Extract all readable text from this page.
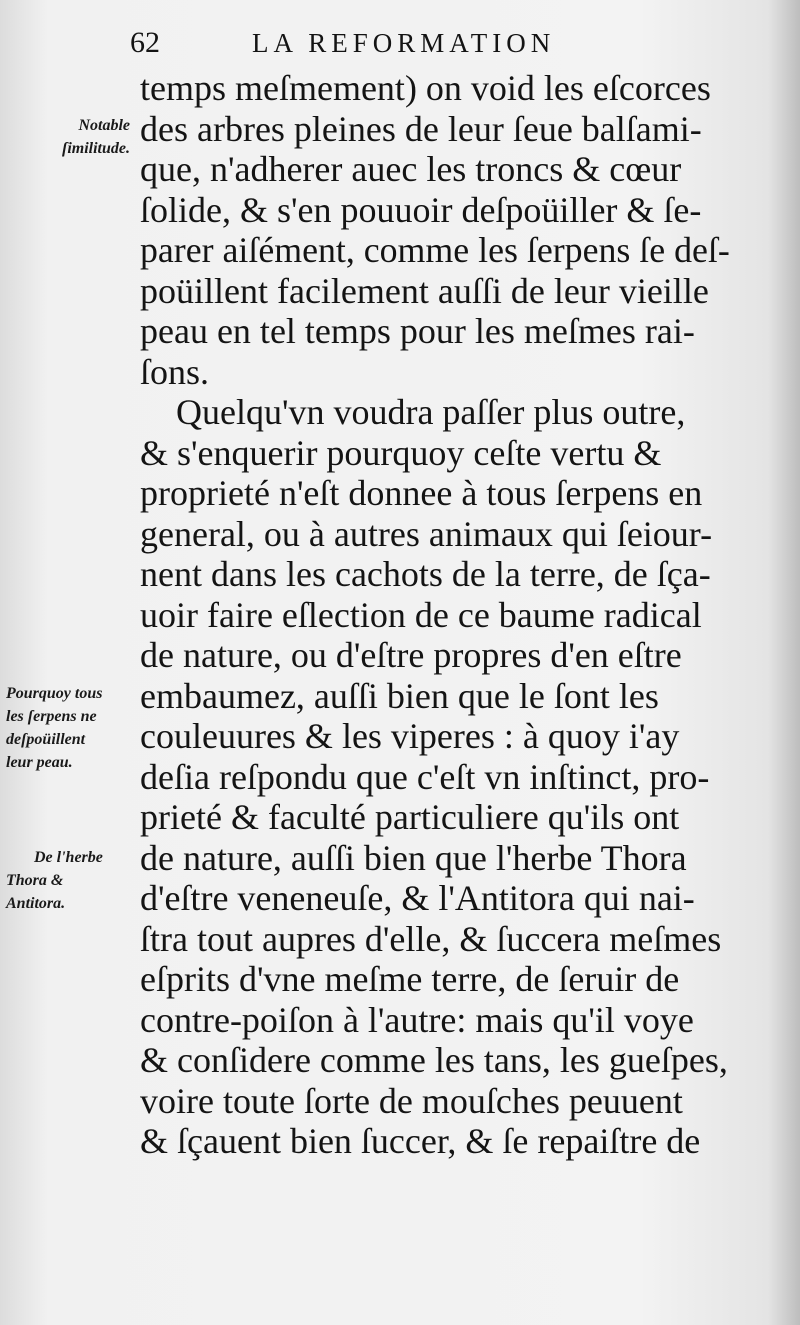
62	LA REFORMATION
Notable
ſimilitude.
Pourquoy tous
les ſerpens ne
deſpoüillent
leur peau.
De l'herbe
Thora &
Antitora.
temps meſmement) on void les eſcorces
des arbres pleines de leur ſeue balſami-
que, n'adherer auec les troncs & cœur
ſolide, & s'en pouuoir deſpoüiller & ſe-
parer aiſément, comme les ſerpens ſe deſ-
poüillent facilement auſſi de leur vieille
peau en tel temps pour les meſmes rai-
ſons.
Quelqu'vn voudra paſſer plus outre,
& s'enquerir pourquoy ceſte vertu &
proprieté n'eſt donnee à tous ſerpens en
general, ou à autres animaux qui ſeiour-
nent dans les cachots de la terre, de ſça-
uoir faire eſlection de ce baume radical
de nature, ou d'eſtre propres d'en eſtre
embaumez, auſſi bien que le ſont les
couleuures & les viperes : à quoy i'ay
deſia reſpondu que c'eſt vn inſtinct, pro-
prieté & faculté particuliere qu'ils ont
de nature, auſſi bien que l'herbe Thora
d'eſtre veneneuſe, & l'Antitora qui nai-
ſtra tout aupres d'elle, & ſuccera meſmes
eſprits d'vne meſme terre, de ſeruir de
contre-poiſon à l'autre: mais qu'il voye
& conſidere comme les tans, les gueſpes,
voire toute ſorte de mouſches peuuent
& ſçauent bien ſuccer, & ſe repaiſtre de
